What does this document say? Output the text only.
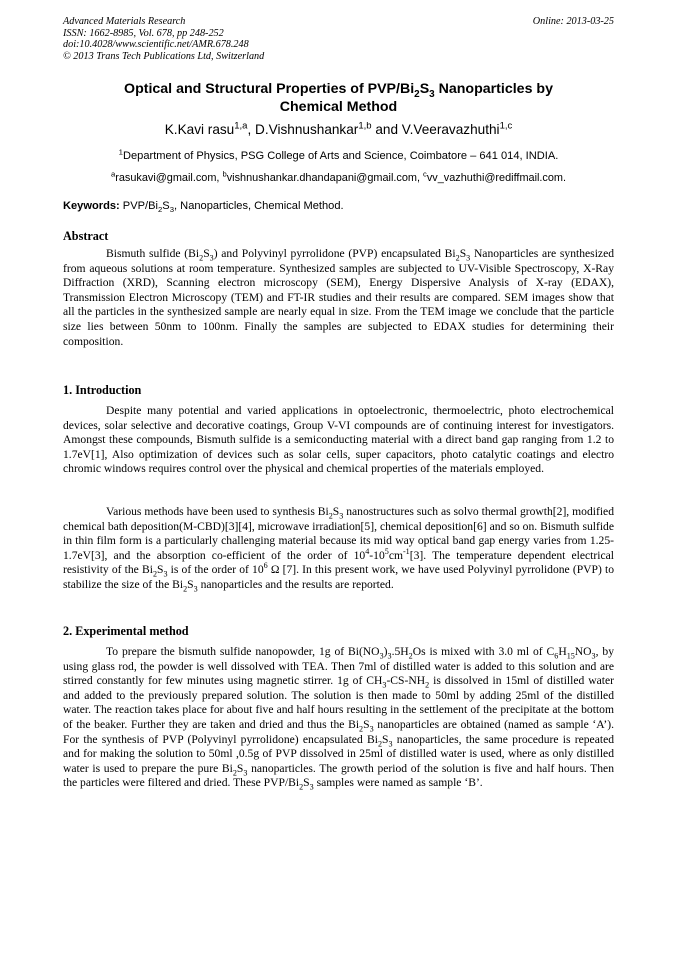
Advanced Materials Research
ISSN: 1662-8985, Vol. 678, pp 248-252
doi:10.4028/www.scientific.net/AMR.678.248
© 2013 Trans Tech Publications Ltd, Switzerland
Online: 2013-03-25
Optical and Structural Properties of PVP/$Bi_2S_3$ Nanoparticles by
Chemical Method
K.Kavi rasu$^{1,a}$, D.Vishnushankar$^{1,b}$ and V.Veeravazhuthi$^{1,c}$
$^1$Department of Physics, PSG College of Arts and Science, Coimbatore – 641 014, INDIA.
$^a$rasukavi@gmail.com, $^b$vishnushankar.dhandapani@gmail.com, $^c$vv_vazhuthi@rediffmail.com.
Keywords: PVP/$Bi_2S_3$, Nanoparticles, Chemical Method.
Abstract

Bismuth sulfide $(Bi_2S_3)$ and Polyvinyl pyrrolidone (PVP) encapsulated $Bi_2S_3$ Nanoparticles are synthesized from aqueous solutions at room temperature. Synthesized samples are subjected to UV-Visible Spectroscopy, X-Ray Diffraction (XRD), Scanning electron microscopy (SEM), Energy Dispersive Analysis of X-ray (EDAX), Transmission Electron Microscopy (TEM) and FT-IR studies and their results are compared. SEM images show that all the particles in the synthesized sample are nearly equal in size. From the TEM image we conclude that the particle size lies between 50nm to 100nm. Finally the samples are subjected to EDAX studies for determining their composition.

1. Introduction

Despite many potential and varied applications in optoelectronic, thermoelectric, photo electrochemical devices, solar selective and decorative coatings, Group V-VI compounds are of continuing interest for investigators. Amongst these compounds, Bismuth sulfide is a semiconducting material with a direct band gap ranging from 1.2 to 1.7eV[1], Also optimization of devices such as solar cells, super capacitors, photo catalytic coatings and electro chromic windows requires control over the physical and chemical properties of the materials employed.

Various methods have been used to synthesis $Bi_2S_3$ nanostructures such as solvo thermal growth[2], modified chemical bath deposition(M-CBD)[3][4], microwave irradiation[5], chemical deposition[6] and so on. Bismuth sulfide in thin film form is a particularly challenging material because its mid way optical band gap energy varies from 1.25-1.7eV[3], and the absorption co-efficient of the order of $10^4-10^5cm^{-1}[3]$. The temperature dependent electrical resistivity of the $Bi_2S_3$ is of the order of $10^6$ Ω [7]. In this present work, we have used Polyvinyl pyrrolidone (PVP) to stabilize the size of the $Bi_2S_3$ nanoparticles and the results are reported.

2. Experimental method

To prepare the bismuth sulfide nanopowder, 1g of $Bi(NO_3)_3.5H_2Os$ is mixed with 3.0 ml of $C_6H_{15}NO_3$, by using glass rod, the powder is well dissolved with TEA. Then 7ml of distilled water is added to this solution and are stirred constantly for few minutes using magnetic stirrer. 1g of $CH_3-CS-NH_2$ is dissolved in 15ml of distilled water and added to the previously prepared solution. The solution is then made to 50ml by adding 25ml of the distilled water. The reaction takes place for about five and half hours resulting in the settlement of the precipitate at the bottom of the beaker. Further they are taken and dried and thus the $Bi_2S_3$ nanoparticles are obtained (named as sample ‘A’). For the synthesis of PVP (Polyvinyl pyrrolidone) encapsulated $Bi_2S_3$ nanoparticles, the same procedure is repeated and for making the solution to 50ml ,0.5g of PVP dissolved in 25ml of distilled water is used, where as only distilled water is used to prepare the pure $Bi_2S_3$ nanoparticles. The growth period of the solution is five and half hours. Then the particles were filtered and dried. These PVP/$Bi_2S_3$ samples were named as sample ‘B’.
